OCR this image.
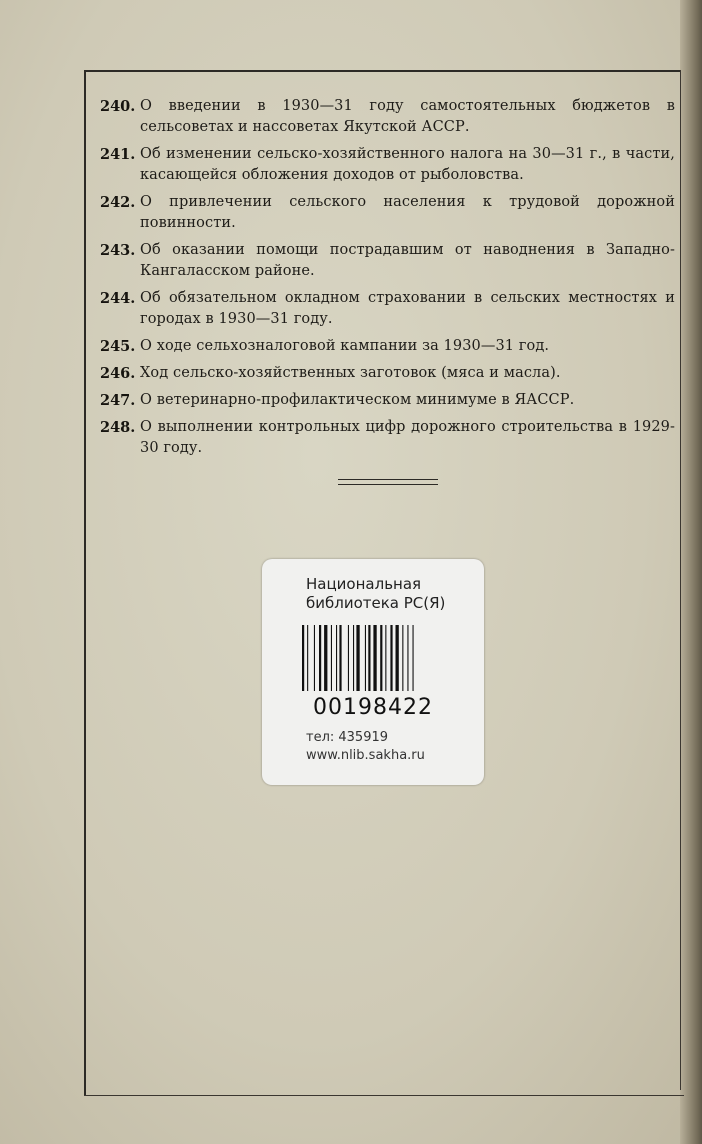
240. О введении в 1930—31 году самостоятельных бюджетов в сельсоветах и нассоветах Якутской АССР.
241. Об изменении сельско-хозяйственного налога на 30—31 г., в части, касающейся обложения доходов от рыболовства.
242. О привлечении сельского населения к трудовой дорожной повинности.
243. Об оказании помощи пострадавшим от наводнения в Западно-Кангаласском районе.
244. Об обязательном окладном страховании в сельских местностях и городах в 1930—31 году.
245. О ходе сельхозналоговой кампании за 1930—31 год.
246. Ход сельско-хозяйственных заготовок (мяса и масла).
247. О ветеринарно-профилактическом минимуме в ЯАССР.
248. О выполнении контрольных цифр дорожного строительства в 1929-30 году.
Национальная
библиотека РС(Я)
00198422
тел: 435919
www.nlib.sakha.ru
